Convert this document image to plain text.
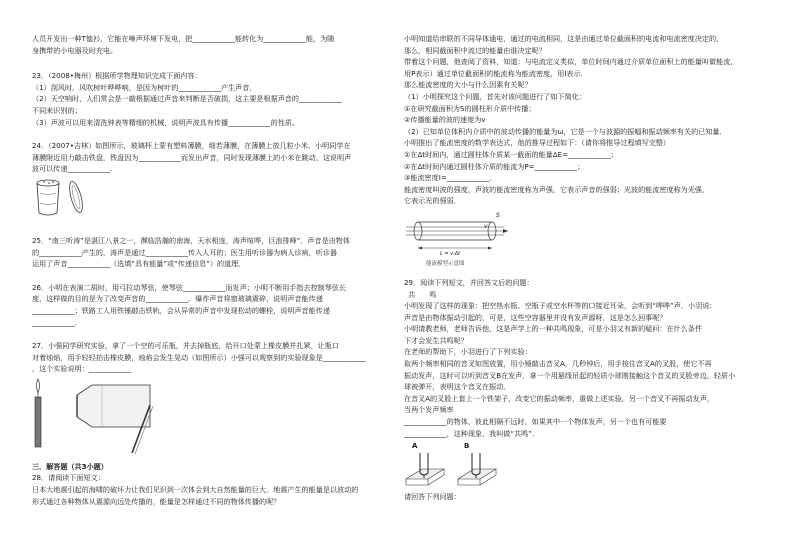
人员开发出一种T恤衫，它能在噪声环境下发电，把____________能转化为____________能，为随

身携带的小电器及时充电。

23．（2008•梅州）根据所学物理知识完成下面内容：

（1）刮风时，风吹树叶哗哗响，是因为树叶的____________产生声音．

（2）天空响时，人们常会是一敲根据通过声音来判断是否破损，这主要是根据声音的____________

不同来识别的；

（3）声波可以用来清洗钟表等精细的机械，说明声波具有传播____________的性质。

24．（2007•吉林）如图所示，玻璃杯上蒙有塑料薄膜，细若薄膜，在薄膜上放几粒小米．小明同学在

薄膜附近用力敲击铁盘，铁盘因为____________而发出声音，同时发现薄膜上的小米在跳动，这说明声

波可以传递____________.

25．“南三听涛”是湛江八景之一，濒临浩瀚的南海，天水相连，涛声喧哗，巨浪排峰”．声音是由物体

的____________产生的，涛声是通过____________传入人耳的；医生用听诊器为病人诊病，听诊器

运用了声音____________（选填“具有能量”或“传递信息”）的道理．

26．小明在表演二胡时，用弓拉动琴弦，使琴弦____________而发声；小明不断用手指去控制琴弦长

度，这样做的目的是为了改变声音的____________．爆炸声音将窗玻璃震碎，说明声音能传递

____________；铁路工人用铁锤敲击铁轨，会从异常的声音中发现松动的螺栓，说明声音能传递

____________．

27．小强同学研究实验，拿了一个空的可乐瓶，并去掉瓶底，给开口处蒙上橡皮膜并扎紧，让瓶口

对着烛焰，用手轻轻拍击橡皮膜，烛焰会发生晃动（如图所示）小强可以观察到的实验现象是____________

，这个实验说明：____________

三．解答题（共3小题）

28．请阅读下面短文：

日本大地震引起的海啸的破坏力让我们见识到一次体会到大自然能量的巨大．地震产生的能量是以波动的

形式通过各种物体从震源向远处传播的，能量是怎样通过不同的物体传播的呢？

小明知道给串联的不同导体通电，通过的电流相同，这是由通过单位截面积的电流和电流密度决定的，

那么，相同截面积中流过的能量由谁决定呢？

带着这个问题，他查阅了资料，知道：与电流定义类似，单位时间内通过介质单位面积上的能量叫做能流，

用P表示）通过单位截面积的能流称为能流密度，用I表示．

那么能流密度的大小与什么因素有关呢？

（1）小明探究这个问题，首先对该问题进行了如下简化：

①在研究截面积为S的圆柱形介质中传播；

②传播能量的波的速度为v

（2）已知单位体积内介质中的波动传播的能量为ω，它是一个与波源的振幅和振动频率有关的已知量．

小明推出了能流密度的数学表达式，他的推导过程如下：（请你将推导过程填写完整）

①在Δt时间内，通过圆柱体介质某一截面的能量ΔE=____________；

②在Δt时间内通过圆柱体介质的能流为P=____________；

③能流密度I=____________．

能流密度叫波的强度，声波的能流密度称为声强，它表示声音的强弱；光波的能流密度称为光强，

它表示光的强弱．

S
v
L = v·Δt
能流模型示意图

29．阅读下列短文，并回答文后的问题：

共　　鸣

小明发现了这样的现象：把空热水瓶、空瓶子或空水杯等的口接近耳朵，会听到“哗哗”声．小羽说：

声音是由物体振动引起的，可是，这些空容器里并没有发声源呀，这是怎么回事呢？

小明请教老师，老师告诉他，这是声学上的一种共鸣现象，可是小羽又有新的疑问：在什么条件

下才会发生共鸣呢？

在老师的帮助下，小羽进行了下列实验：

取两个频率相同的音叉如图放置，用小锤敲击音叉A，几秒钟后，用手按住音叉A的叉股，使它不再

振动发声，这时可以听到音叉B在发声．拿一个用悬线吊起的轻质小球刚接触这个音叉的叉股旁边，轻质小

球被弹开，表明这个音叉在振动．

在音叉A的叉股上套上一个铁架子，改变它的振动频率，重做上述实验，另一个音叉不再振动发声，

当两个发声频率

____________的物体，彼此相隔不远时，如果其中一个物体发声，另一个也有可能要

____________，这种现象，我叫做“共鸣”．

A	B

请回答下列问题：
